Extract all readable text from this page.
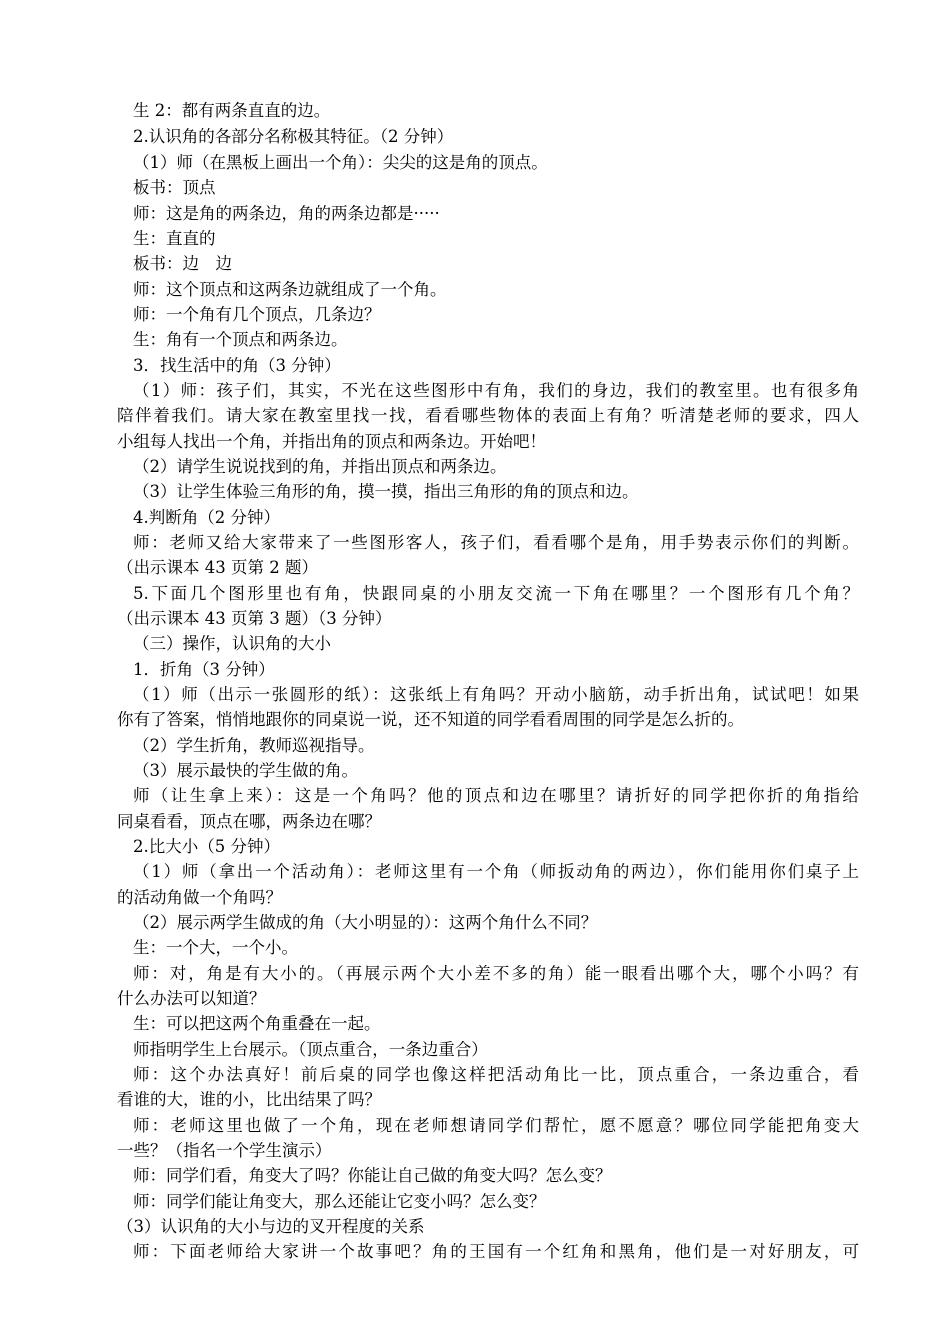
生 2：都有两条直直的边。
2.认识角的各部分名称极其特征。（2 分钟）
（1）师（在黑板上画出一个角）：尖尖的这是角的顶点。
板书：顶点
师：这是角的两条边，角的两条边都是·····
生：直直的
板书：边　边
师：这个顶点和这两条边就组成了一个角。
师：一个角有几个顶点，几条边？
生：角有一个顶点和两条边。
3．找生活中的角（3 分钟）
（1）师：孩子们，其实，不光在这些图形中有角，我们的身边，我们的教室里。也有很多角
陪伴着我们。请大家在教室里找一找，看看哪些物体的表面上有角？听清楚老师的要求，四人
小组每人找出一个角，并指出角的顶点和两条边。开始吧！
（2）请学生说说找到的角，并指出顶点和两条边。
（3）让学生体验三角形的角，摸一摸，指出三角形的角的顶点和边。
4.判断角（2 分钟）
师：老师又给大家带来了一些图形客人，孩子们，看看哪个是角，用手势表示你们的判断。
（出示课本 43 页第 2 题）
5.下面几个图形里也有角，快跟同桌的小朋友交流一下角在哪里？一个图形有几个角？
（出示课本 43 页第 3 题）（3 分钟）
（三）操作，认识角的大小
1．折角（3 分钟）
（1）师（出示一张圆形的纸）：这张纸上有角吗？开动小脑筋，动手折出角，试试吧！如果
你有了答案，悄悄地跟你的同桌说一说，还不知道的同学看看周围的同学是怎么折的。
（2）学生折角，教师巡视指导。
（3）展示最快的学生做的角。
师（让生拿上来）：这是一个角吗？他的顶点和边在哪里？请折好的同学把你折的角指给
同桌看看，顶点在哪，两条边在哪？
2.比大小（5 分钟）
（1）师（拿出一个活动角）：老师这里有一个角（师扳动角的两边），你们能用你们桌子上
的活动角做一个角吗？
（2）展示两学生做成的角（大小明显的）：这两个角什么不同？
生：一个大，一个小。
师：对，角是有大小的。（再展示两个大小差不多的角）能一眼看出哪个大，哪个小吗？有
什么办法可以知道？
生：可以把这两个角重叠在一起。
师指明学生上台展示。（顶点重合，一条边重合）
师：这个办法真好！前后桌的同学也像这样把活动角比一比，顶点重合，一条边重合，看
看谁的大，谁的小，比出结果了吗？
师：老师这里也做了一个角，现在老师想请同学们帮忙，愿不愿意？哪位同学能把角变大
一些？（指名一个学生演示）
师：同学们看，角变大了吗？你能让自己做的角变大吗？怎么变？
师：同学们能让角变大，那么还能让它变小吗？怎么变？
（3）认识角的大小与边的叉开程度的关系
师：下面老师给大家讲一个故事吧？角的王国有一个红角和黑角，他们是一对好朋友，可
